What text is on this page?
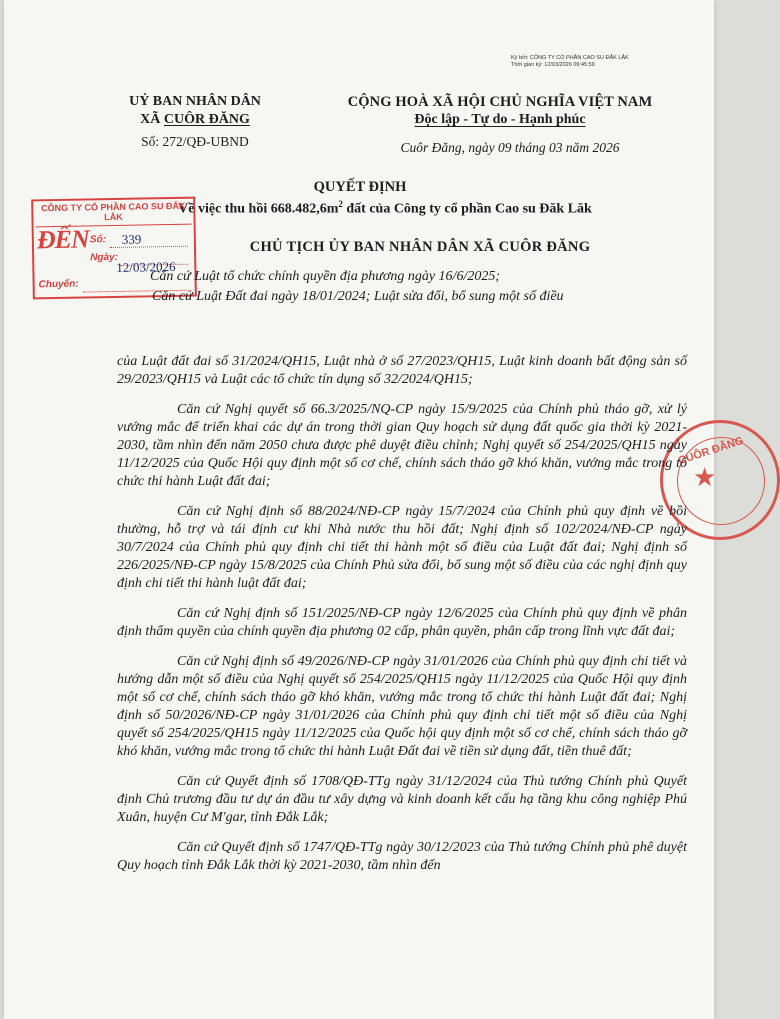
Ký bởi: CÔNG TY CỔ PHẦN CAO SU ĐẮK LẮK
Thời gian ký: 12/03/2026 09:45:59
UỶ BAN NHÂN DÂN
XÃ CUÔR ĐĂNG
Số: 272/QĐ-UBND
CỘNG HOÀ XÃ HỘI CHỦ NGHĨA VIỆT NAM
Độc lập - Tự do - Hạnh phúc
Cuôr Đăng, ngày 09 tháng 03 năm 2026
QUYẾT ĐỊNH
Về việc thu hồi $668.482,6m^2$ đất của Công ty cổ phần Cao su Đăk Lăk
CHỦ TỊCH ỦY BAN NHÂN DÂN XÃ CUÔR ĐĂNG
CÔNG TY CỔ PHẦN CAO SU ĐẮK LẮK
ĐẾN Số: 339
Ngày:
12/03/2026
Chuyển:
CUÔR ĐĂNG
★

Căn cứ Luật tổ chức chính quyền địa phương ngày 16/6/2025;

Căn cứ Luật Đất đai ngày 18/01/2024; Luật sửa đổi, bổ sung một số điều

của Luật đất đai số 31/2024/QH15, Luật nhà ở số 27/2023/QH15, Luật kinh doanh bất động sản số 29/2023/QH15 và Luật các tổ chức tín dụng số 32/2024/QH15;

Căn cứ Nghị quyết số 66.3/2025/NQ-CP ngày 15/9/2025 của Chính phủ tháo gỡ, xử lý vướng mắc để triển khai các dự án trong thời gian Quy hoạch sử dụng đất quốc gia thời kỳ 2021- 2030, tầm nhìn đến năm 2050 chưa được phê duyệt điều chỉnh; Nghị quyết số 254/2025/QH15 ngày 11/12/2025 của Quốc Hội quy định một số cơ chế, chính sách tháo gỡ khó khăn, vướng mắc trong tổ chức thi hành Luật đất đai;

Căn cứ Nghị định số 88/2024/NĐ-CP ngày 15/7/2024 của Chính phủ quy định về bồi thường, hỗ trợ và tái định cư khi Nhà nước thu hồi đất; Nghị định số 102/2024/NĐ-CP ngày 30/7/2024 của Chính phủ quy định chi tiết thi hành một số điều của Luật đất đai; Nghị định số 226/2025/NĐ-CP ngày 15/8/2025 của Chính Phủ sửa đổi, bổ sung một số điều của các nghị định quy định chi tiết thi hành luật đất đai;

Căn cứ Nghị định số 151/2025/NĐ-CP ngày 12/6/2025 của Chính phủ quy định về phân định thẩm quyền của chính quyền địa phương 02 cấp, phân quyền, phân cấp trong lĩnh vực đất đai;

Căn cứ Nghị định số 49/2026/NĐ-CP ngày 31/01/2026 của Chính phủ quy định chi tiết và hướng dẫn một số điều của Nghị quyết số 254/2025/QH15 ngày 11/12/2025 của Quốc Hội quy định một số cơ chế, chính sách tháo gỡ khó khăn, vướng mắc trong tổ chức thi hành Luật đất đai; Nghị định số 50/2026/NĐ-CP ngày 31/01/2026 của Chính phủ quy định chi tiết một số điều của Nghị quyết số 254/2025/QH15 ngày 11/12/2025 của Quốc hội quy định một số cơ chế, chính sách tháo gỡ khó khăn, vướng mắc trong tổ chức thi hành Luật Đất đai về tiền sử dụng đất, tiền thuê đất;

Căn cứ Quyết định số 1708/QĐ-TTg ngày 31/12/2024 của Thủ tướng Chính phủ Quyết định Chủ trương đầu tư dự án đầu tư xây dựng và kinh doanh kết cấu hạ tầng khu công nghiệp Phú Xuân, huyện Cư M'gar, tỉnh Đắk Lắk;

Căn cứ Quyết định số 1747/QĐ-TTg ngày 30/12/2023 của Thủ tướng Chính phủ phê duyệt Quy hoạch tỉnh Đắk Lắk thời kỳ 2021-2030, tầm nhìn đến
